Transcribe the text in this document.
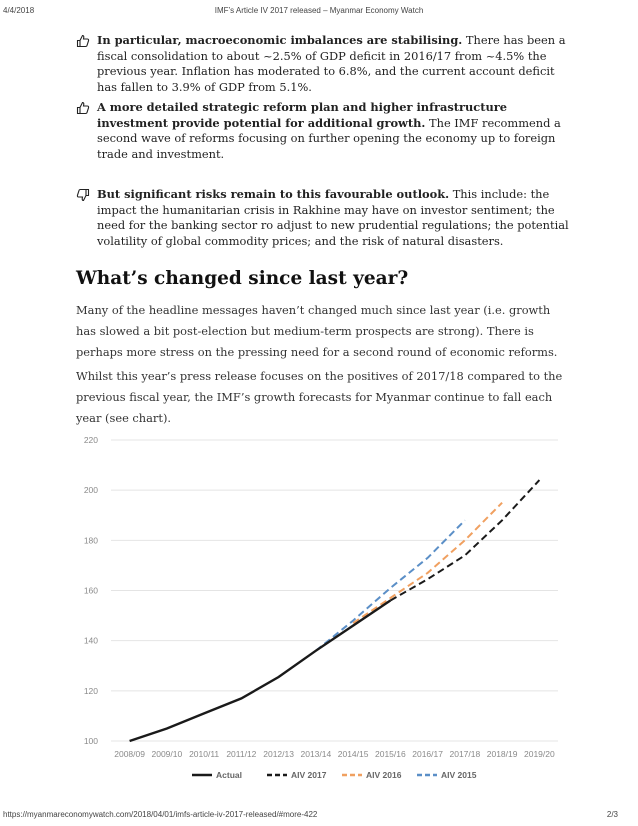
4/4/2018	IMF’s Article IV 2017 released – Myanmar Economy Watch
In particular, macroeconomic imbalances are stabilising. There has been a fiscal consolidation to about ~2.5% of GDP deficit in 2016/17 from ~4.5% the previous year. Inflation has moderated to 6.8%, and the current account deficit has fallen to 3.9% of GDP from 5.1%.
A more detailed strategic reform plan and higher infrastructure investment provide potential for additional growth. The IMF recommend a second wave of reforms focusing on further opening the economy up to foreign trade and investment.
But significant risks remain to this favourable outlook. This include: the impact the humanitarian crisis in Rakhine may have on investor sentiment; the need for the banking sector ro adjust to new prudential regulations; the potential volatility of global commodity prices; and the risk of natural disasters.
What’s changed since last year?

Many of the headline messages haven’t changed much since last year (i.e. growth has slowed a bit post-election but medium-term prospects are strong). There is perhaps more stress on the pressing need for a second round of economic reforms.

Whilst this year’s press release focuses on the positives of 2017/18 compared to the previous fiscal year, the IMF’s growth forecasts for Myanmar continue to fall each year (see chart).

100
120
140
160
180
200
220
2008/09 2009/10 2010/11 2011/12 2012/13 2013/14 2014/15 2015/16 2016/17 2017/18 2018/19 2019/20
Actual	AIV 2017	AIV 2016	AIV 2015
https://myanmareconomywatch.com/2018/04/01/imfs-article-iv-2017-released/#more-422	2/3
